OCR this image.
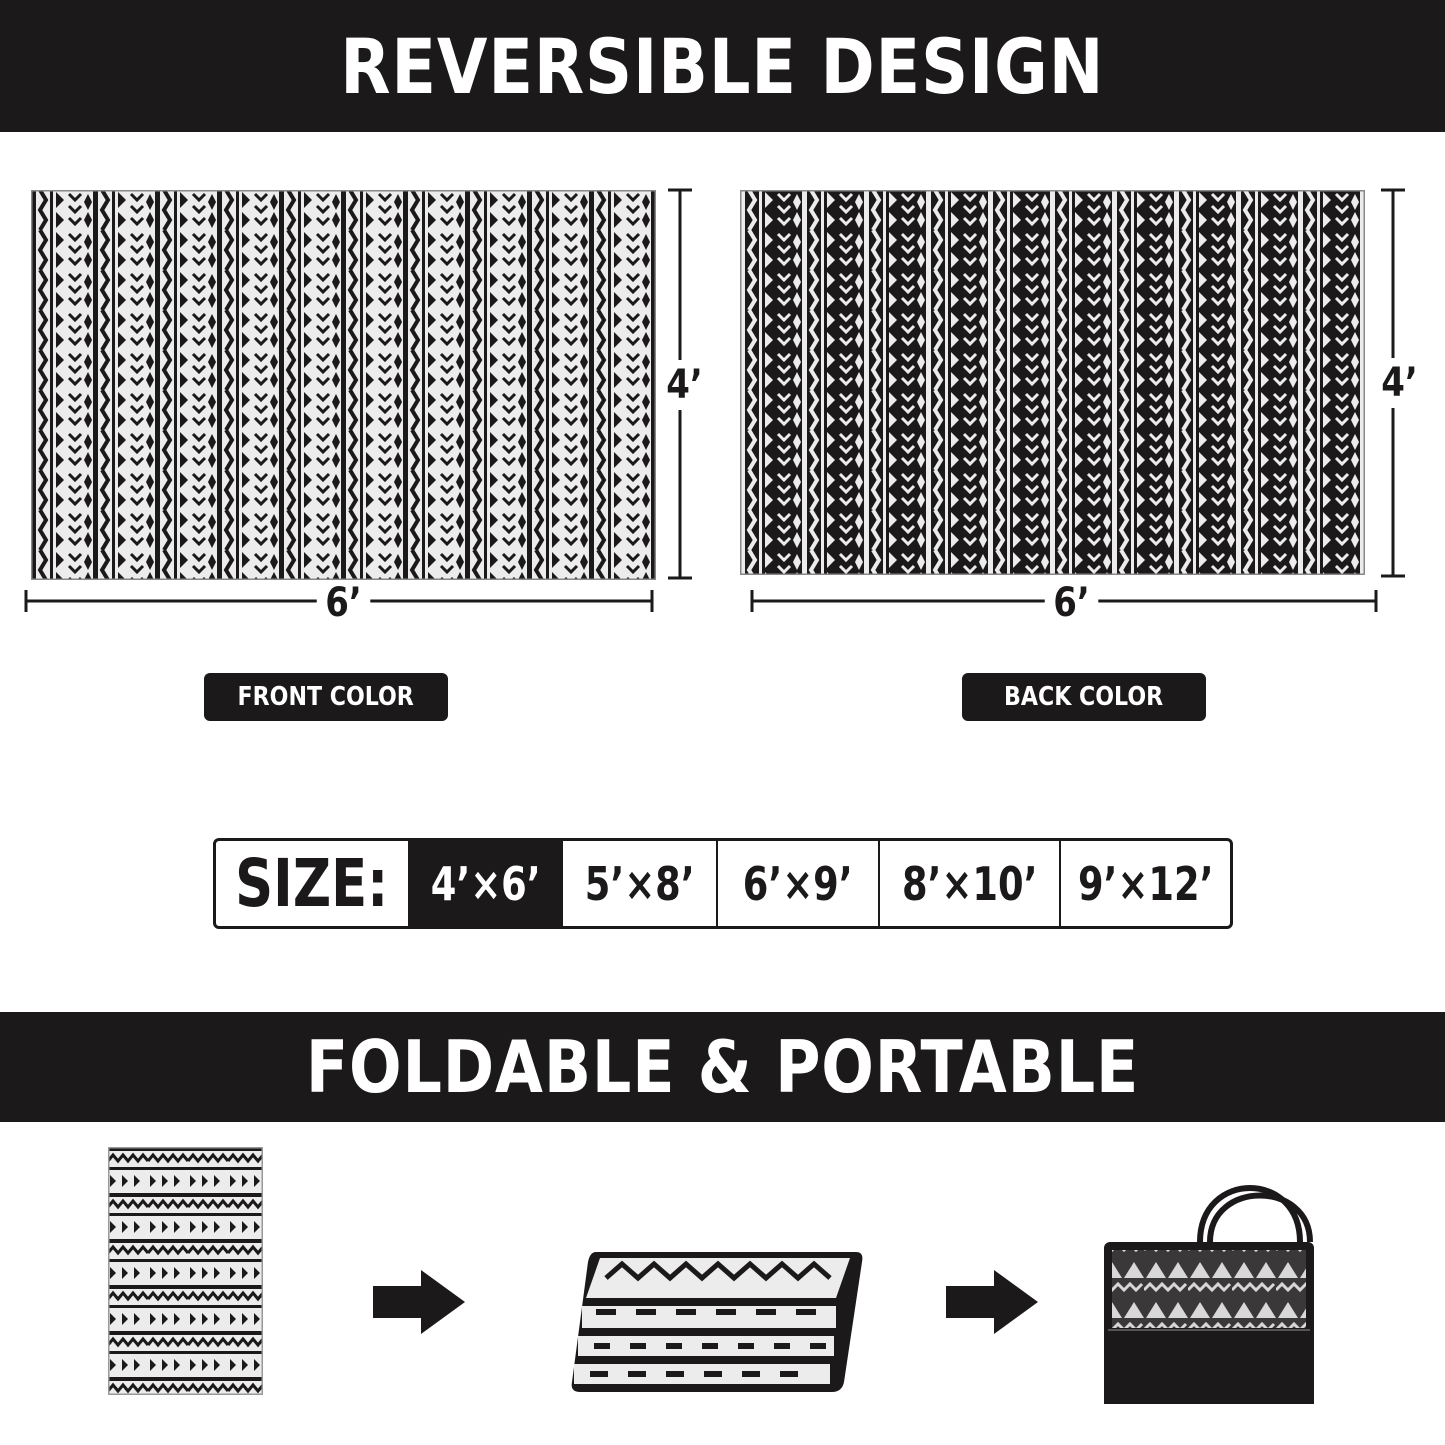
REVERSIBLE DESIGN
4’
6’
4’
6’
FRONT COLOR	BACK COLOR
SIZE: 4’×6’ 5’×8’ 6’×9’ 8’×10’ 9’×12’
FOLDABLE & PORTABLE
